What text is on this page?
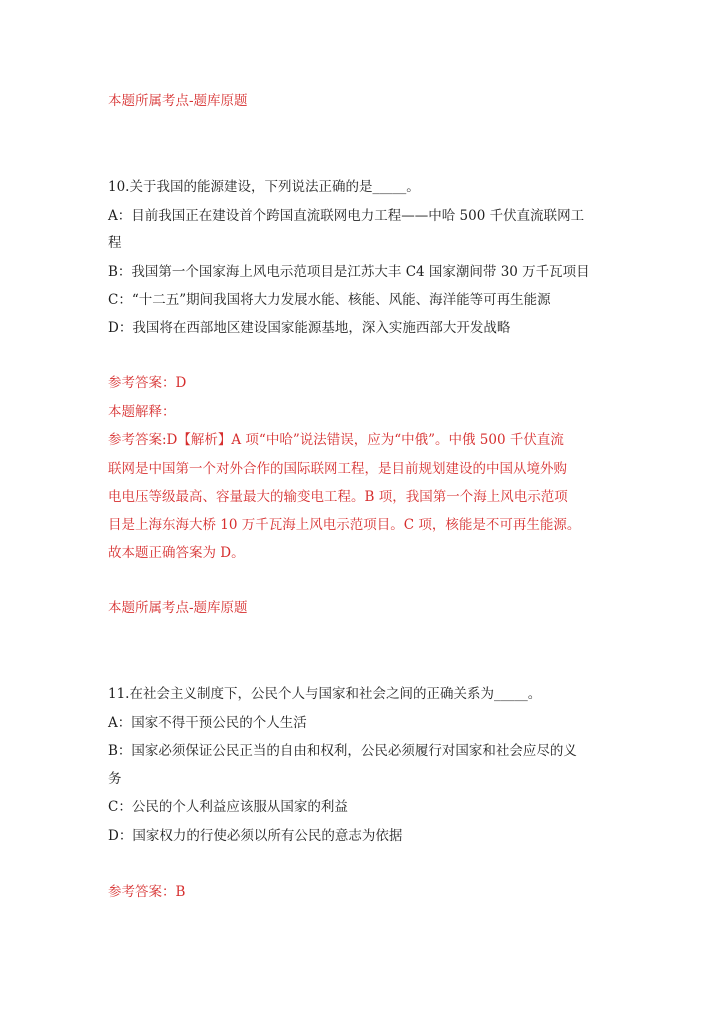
本题所属考点-题库原题
10.关于我国的能源建设，下列说法正确的是_____。
A：目前我国正在建设首个跨国直流联网电力工程——中哈 500 千伏直流联网工
程
B：我国第一个国家海上风电示范项目是江苏大丰 C4 国家潮间带 30 万千瓦项目
C：“十二五”期间我国将大力发展水能、核能、风能、海洋能等可再生能源
D：我国将在西部地区建设国家能源基地，深入实施西部大开发战略
参考答案：D
本题解释：
参考答案:D【解析】A 项“中哈”说法错误，应为“中俄”。中俄 500 千伏直流
联网是中国第一个对外合作的国际联网工程，是目前规划建设的中国从境外购
电电压等级最高、容量最大的输变电工程。B 项，我国第一个海上风电示范项
目是上海东海大桥 10 万千瓦海上风电示范项目。C 项，核能是不可再生能源。
故本题正确答案为 D。
本题所属考点-题库原题
11.在社会主义制度下，公民个人与国家和社会之间的正确关系为_____。
A：国家不得干预公民的个人生活
B：国家必须保证公民正当的自由和权利，公民必须履行对国家和社会应尽的义
务
C：公民的个人利益应该服从国家的利益
D：国家权力的行使必须以所有公民的意志为依据
参考答案：B
